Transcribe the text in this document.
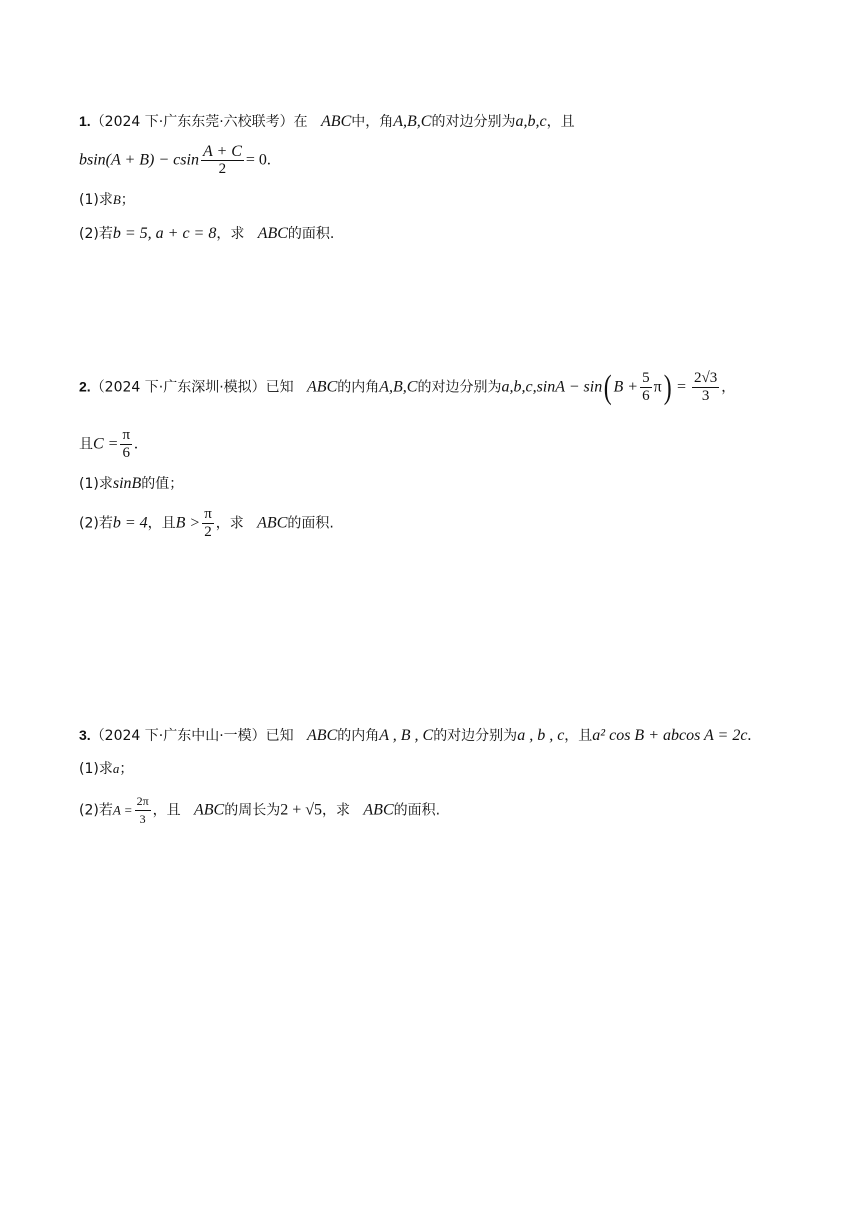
1.（2024 下·广东东莞·六校联考）在 ABC中，角A,B,C的对边分别为a,b,c，且
bsin(A + B) − csin $\frac{A + C}{2} = 0$.
(1)求B；
(2)若b = 5, a + c = 8，求 ABC的面积.
2.（2024 下·广东深圳·模拟）已知 ABC的内角A,B,C的对边分别为a,b,c,sinA − sin( $B + \frac{5}{6} \pi) = \frac{2√3}{3}$ ，
且$C = \frac{\pi}{6}$ .
(1)求sinB的值；
(2)若b = 4，且$B > \frac{\pi}{2}$ ，求 ABC的面积.
3.（2024 下·广东中山·一模）已知 ABC的内角A , B , C的对边分别为a , b , c，且a² cos B + abcos A = 2c.
(1)求a；
(2)若$A = \frac{2\pi}{3}$ ，且 ABC的周长为2 + √5，求 ABC的面积.
